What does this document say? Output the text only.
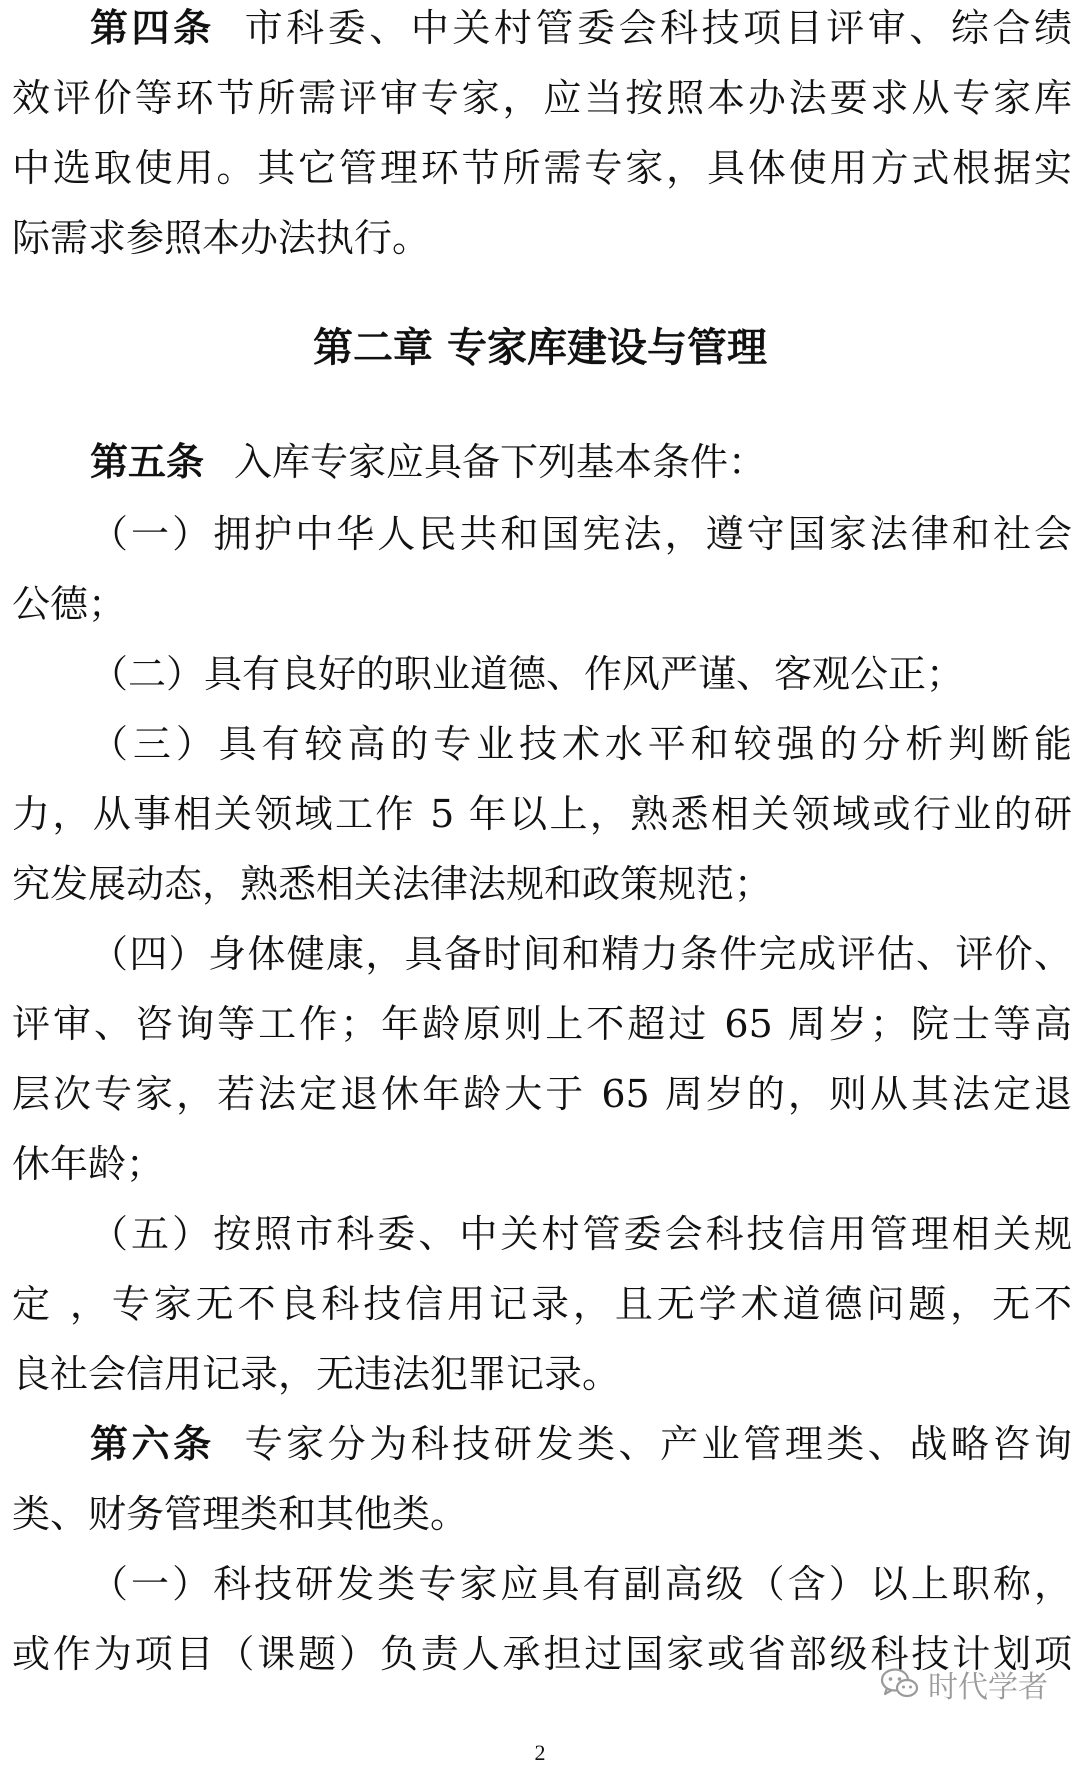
第四条 市科委、中关村管委会科技项目评审、综合绩
效评价等环节所需评审专家，应当按照本办法要求从专家库
中选取使用。其它管理环节所需专家，具体使用方式根据实
际需求参照本办法执行。
第二章 专家库建设与管理
第五条 入库专家应具备下列基本条件：
（一）拥护中华人民共和国宪法，遵守国家法律和社会
公德；
（二）具有良好的职业道德、作风严谨、客观公正；
（三）具有较高的专业技术水平和较强的分析判断能
力，从事相关领域工作 5 年以上，熟悉相关领域或行业的研
究发展动态，熟悉相关法律法规和政策规范；
（四）身体健康，具备时间和精力条件完成评估、评价、
评审、咨询等工作；年龄原则上不超过 65 周岁；院士等高
层次专家，若法定退休年龄大于 65 周岁的，则从其法定退
休年龄；
（五）按照市科委、中关村管委会科技信用管理相关规
定 ，专家无不良科技信用记录，且无学术道德问题，无不
良社会信用记录，无违法犯罪记录。
第六条 专家分为科技研发类、产业管理类、战略咨询
类、财务管理类和其他类。
（一）科技研发类专家应具有副高级（含）以上职称，
或作为项目（课题）负责人承担过国家或省部级科技计划项
时代学者
2
